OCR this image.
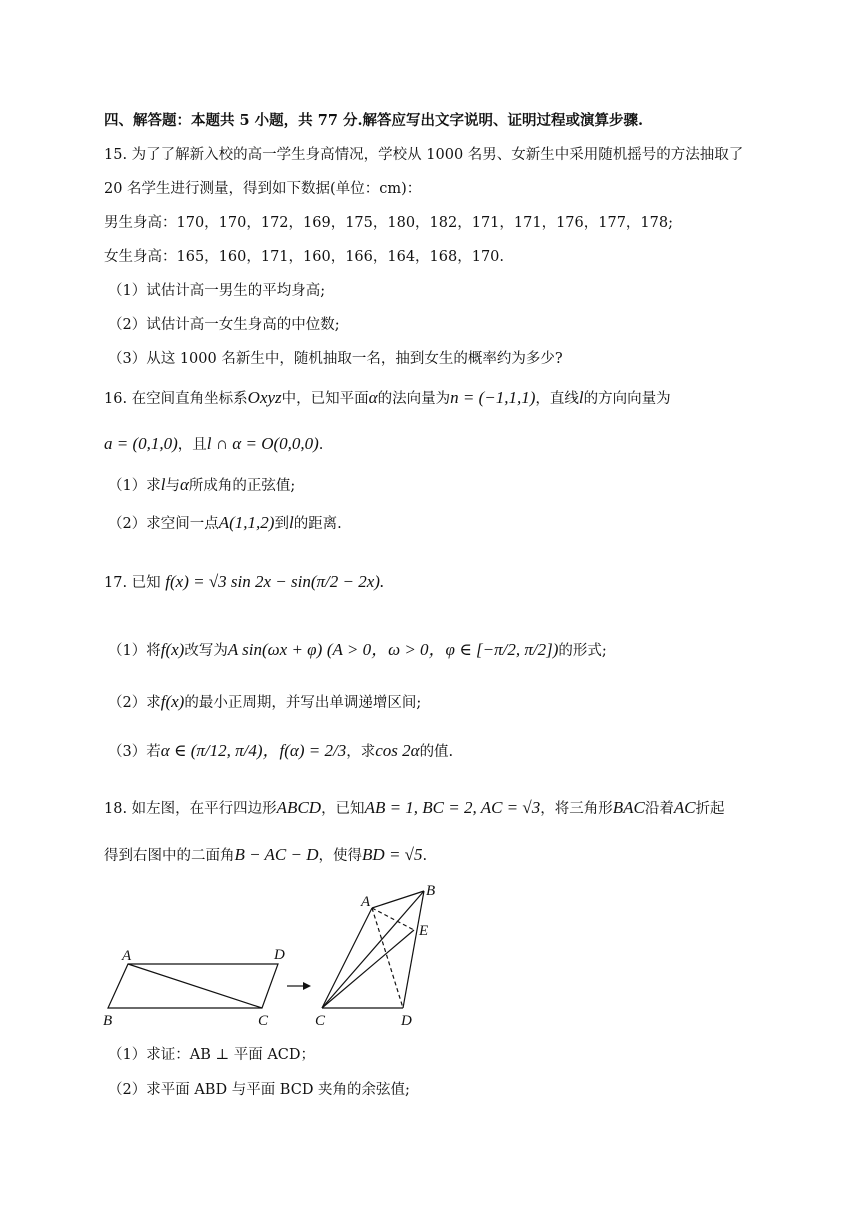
四、解答题：本题共 5 小题，共 77 分.解答应写出文字说明、证明过程或演算步骤.
15. 为了了解新入校的高一学生身高情况，学校从 1000 名男、女新生中采用随机摇号的方法抽取了
20 名学生进行测量，得到如下数据(单位：cm)：
男生身高：170，170，172，169，175，180，182，171，171，176，177，178;
女生身高：165，160，171，160，166，164，168，170.
（1）试估计高一男生的平均身高;
（2）试估计高一女生身高的中位数;
（3）从这 1000 名新生中，随机抽取一名，抽到女生的概率约为多少?
16. 在空间直角坐标系Oxyz中，已知平面α的法向量为n = (−1,1,1)，直线l的方向向量为
a = (0,1,0)，且l ∩ α = O(0,0,0).
（1）求l与α所成角的正弦值;
（2）求空间一点A(1,1,2)到l的距离.
17. 已知 f(x) = √3 sin 2x − sin(π/2 − 2x).
（1）将f(x)改写为A sin(ωx + φ) (A > 0，ω > 0，φ ∈ [−π/2, π/2])的形式;
（2）求f(x)的最小正周期，并写出单调递增区间;
（3）若α ∈ (π/12, π/4)，f(α) = 2/3，求cos 2α的值.
18. 如左图，在平行四边形ABCD，已知AB = 1, BC = 2, AC = √3，将三角形BAC沿着AC折起
得到右图中的二面角B − AC − D，使得BD = √5.
A	D
B	C
A
B
E
C	D
（1）求证：AB ⊥ 平面 ACD；
（2）求平面 ABD 与平面 BCD 夹角的余弦值;
